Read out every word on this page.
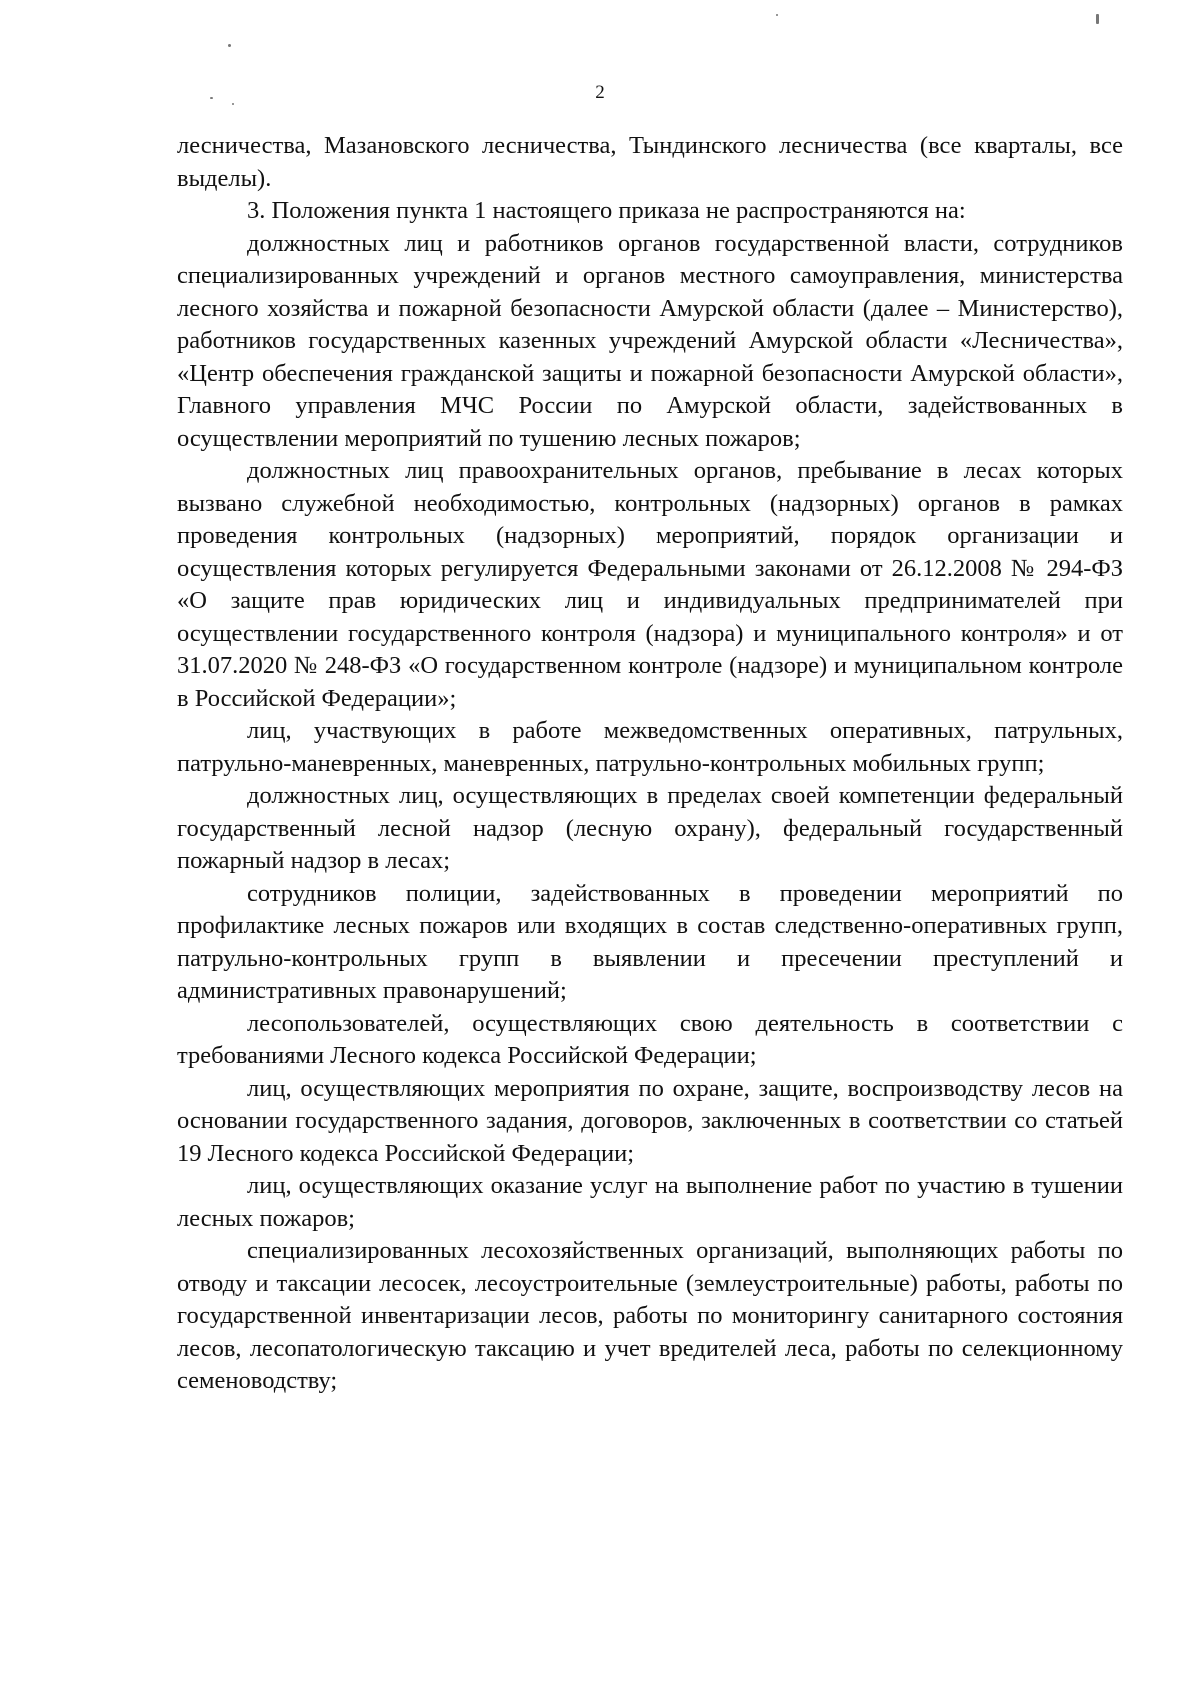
2

лесничества, Мазановского лесничества, Тындинского лесничества (все кварталы, все выделы).

3. Положения пункта 1 настоящего приказа не распространяются на:

должностных лиц и работников органов государственной власти, сотрудников специализированных учреждений и органов местного самоуправления, министерства лесного хозяйства и пожарной безопасности Амурской области (далее – Министерство), работников государственных казенных учреждений Амурской области «Лесничества», «Центр обеспечения гражданской защиты и пожарной безопасности Амурской области», Главного управления МЧС России по Амурской области, задействованных в осуществлении мероприятий по тушению лесных пожаров;

должностных лиц правоохранительных органов, пребывание в лесах которых вызвано служебной необходимостью, контрольных (надзорных) органов в рамках проведения контрольных (надзорных) мероприятий, порядок организации и осуществления которых регулируется Федеральными законами от 26.12.2008 № 294-ФЗ «О защите прав юридических лиц и индивидуальных предпринимателей при осуществлении государственного контроля (надзора) и муниципального контроля» и от 31.07.2020 № 248-ФЗ «О государственном контроле (надзоре) и муниципальном контроле в Российской Федерации»;

лиц, участвующих в работе межведомственных оперативных, патрульных, патрульно-маневренных, маневренных, патрульно-контрольных мобильных групп;

должностных лиц, осуществляющих в пределах своей компетенции федеральный государственный лесной надзор (лесную охрану), федеральный государственный пожарный надзор в лесах;

сотрудников полиции, задействованных в проведении мероприятий по профилактике лесных пожаров или входящих в состав следственно-оперативных групп, патрульно-контрольных групп в выявлении и пресечении преступлений и административных правонарушений;

лесопользователей, осуществляющих свою деятельность в соответствии с требованиями Лесного кодекса Российской Федерации;

лиц, осуществляющих мероприятия по охране, защите, воспроизводству лесов на основании государственного задания, договоров, заключенных в соответствии со статьей 19 Лесного кодекса Российской Федерации;

лиц, осуществляющих оказание услуг на выполнение работ по участию в тушении лесных пожаров;

специализированных лесохозяйственных организаций, выполняющих работы по отводу и таксации лесосек, лесоустроительные (землеустроительные) работы, работы по государственной инвентаризации лесов, работы по мониторингу санитарного состояния лесов, лесопатологическую таксацию и учет вредителей леса, работы по селекционному семеноводству;
